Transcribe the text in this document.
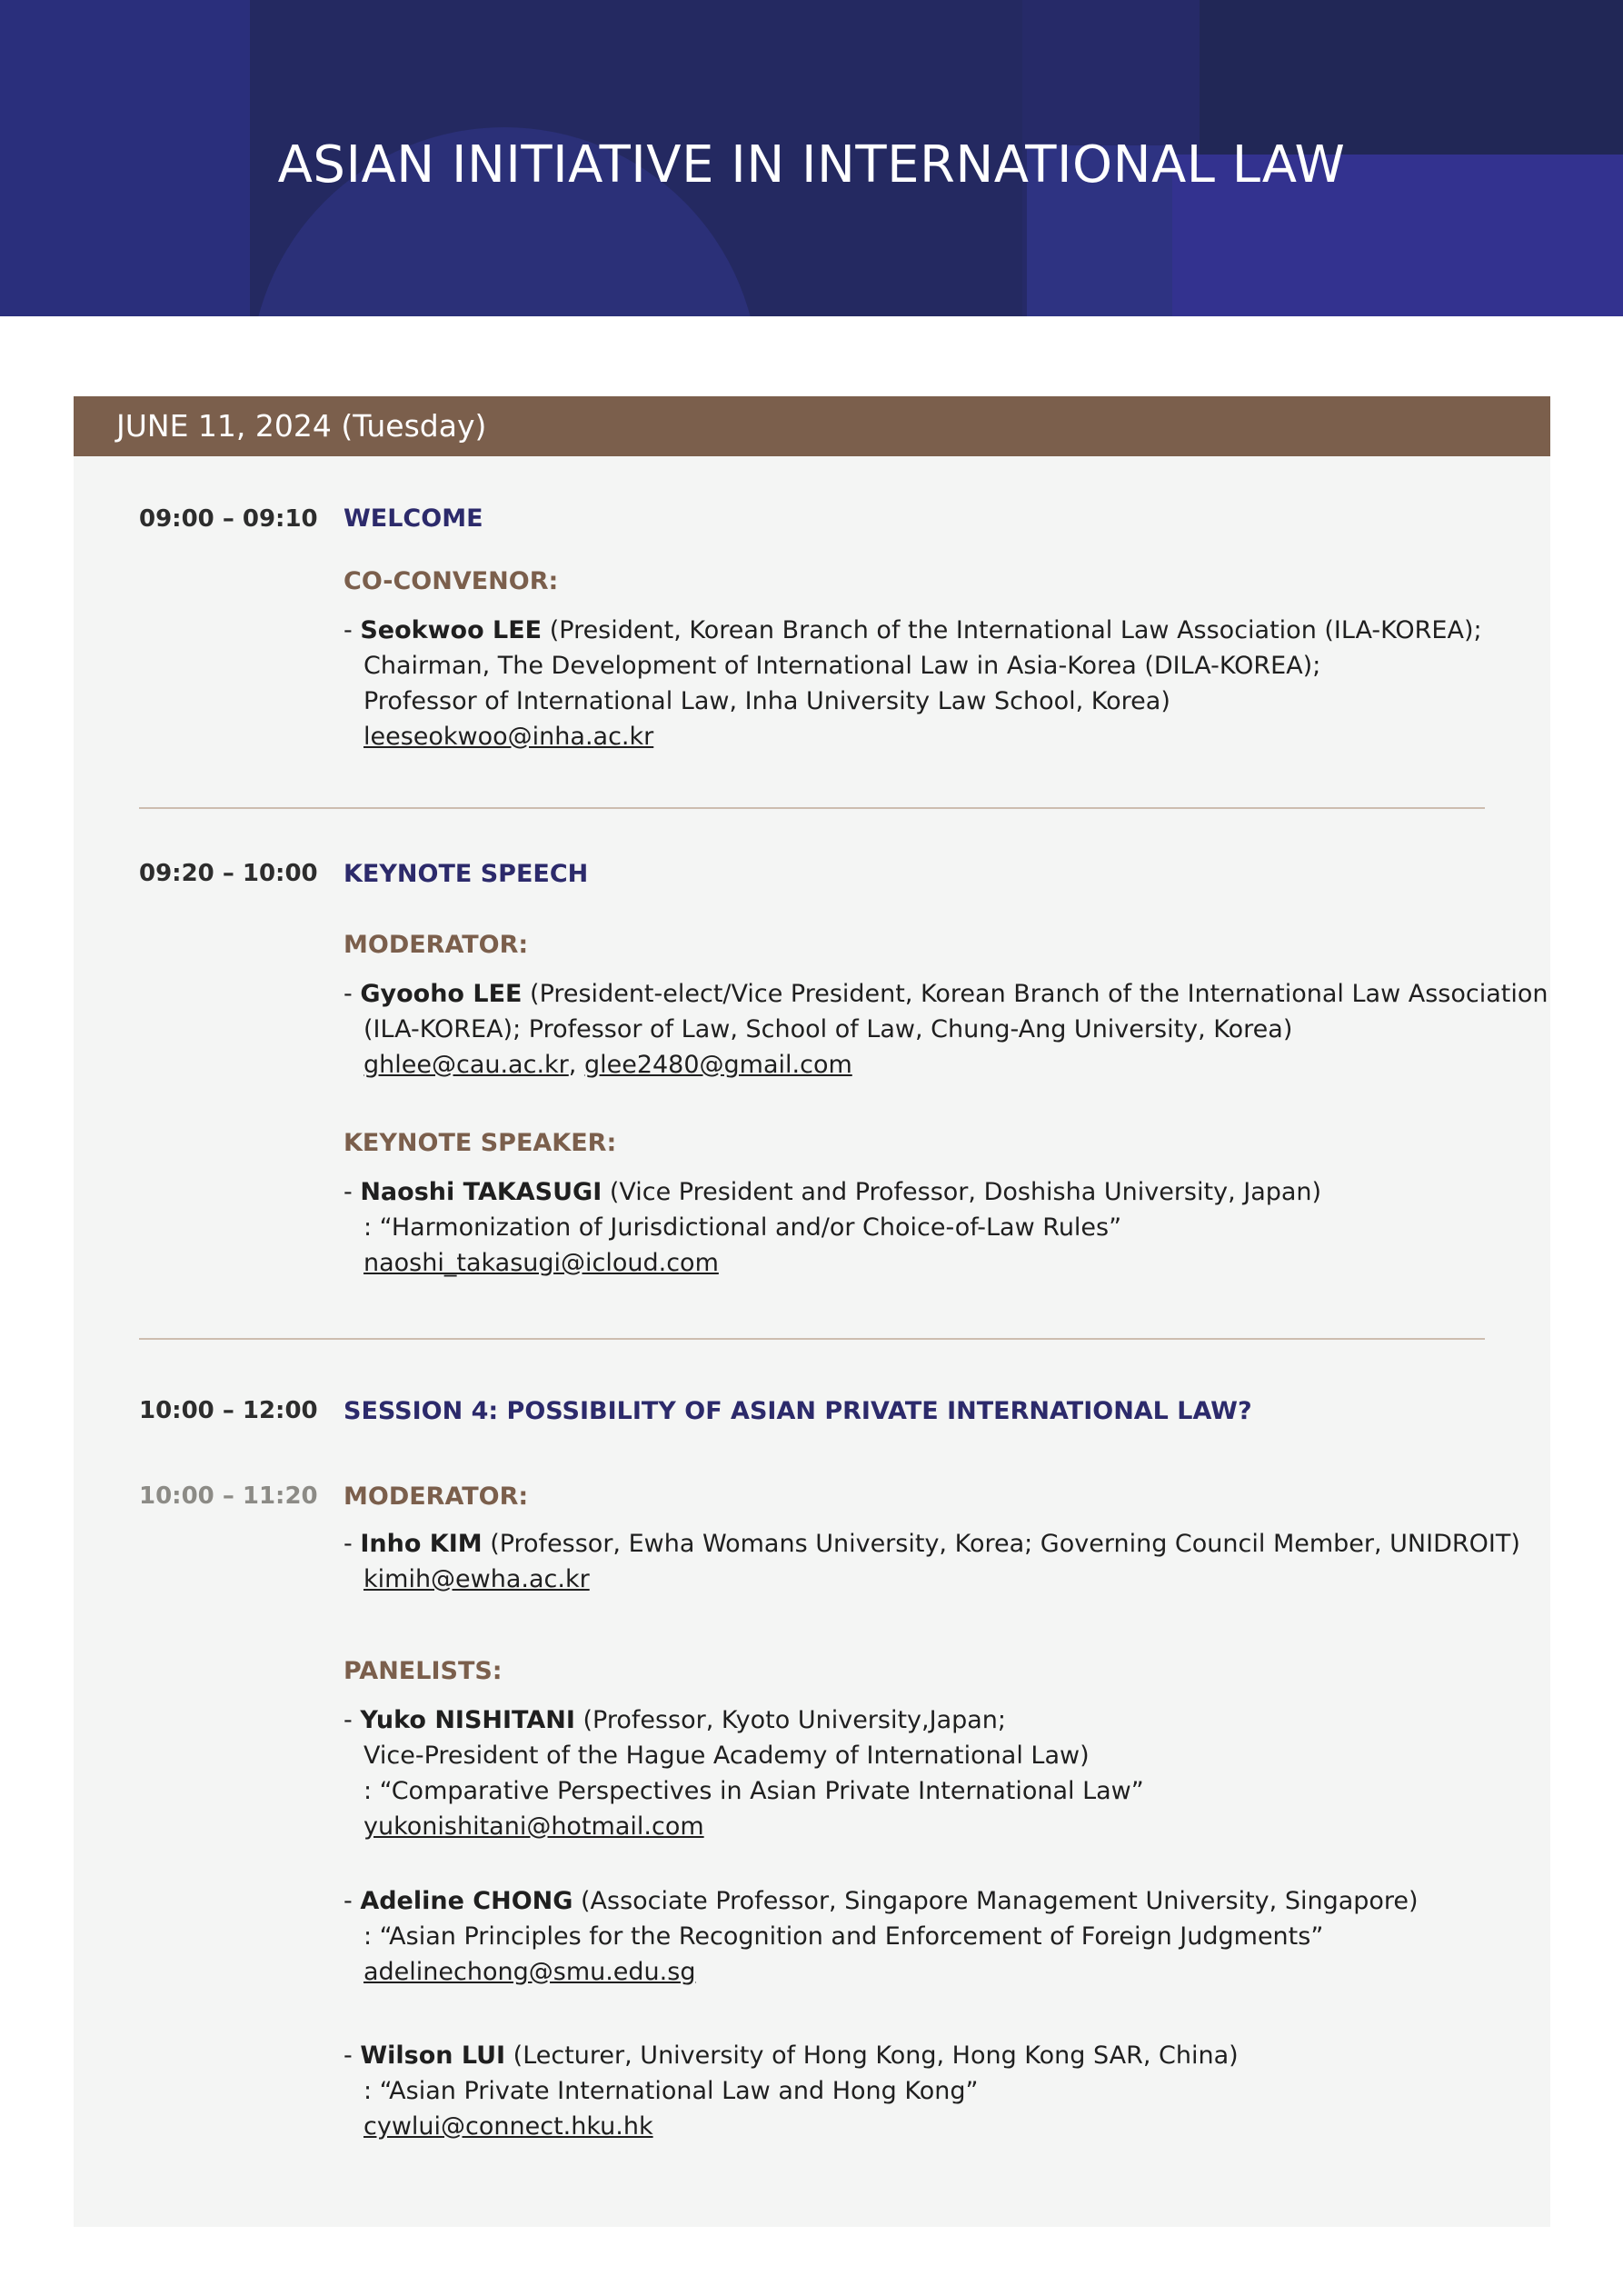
ASIAN INITIATIVE IN INTERNATIONAL LAW
JUNE 11, 2024 (Tuesday)
09:00 – 09:10 WELCOME
CO-CONVENOR:
- Seokwoo LEE (President, Korean Branch of the International Law Association (ILA-KOREA);
Chairman, The Development of International Law in Asia-Korea (DILA-KOREA);
Professor of International Law, Inha University Law School, Korea)
leeseokwoo@inha.ac.kr
09:20 – 10:00 KEYNOTE SPEECH
MODERATOR:
- Gyooho LEE (President-elect/Vice President, Korean Branch of the International Law Association
(ILA-KOREA); Professor of Law, School of Law, Chung-Ang University, Korea)
ghlee@cau.ac.kr, glee2480@gmail.com
KEYNOTE SPEAKER:
- Naoshi TAKASUGI (Vice President and Professor, Doshisha University, Japan)
: “Harmonization of Jurisdictional and/or Choice-of-Law Rules”
naoshi_takasugi@icloud.com
10:00 – 12:00 SESSION 4: POSSIBILITY OF ASIAN PRIVATE INTERNATIONAL LAW?
10:00 – 11:20 MODERATOR:
- Inho KIM (Professor, Ewha Womans University, Korea; Governing Council Member, UNIDROIT)
kimih@ewha.ac.kr
PANELISTS:
- Yuko NISHITANI (Professor, Kyoto University,Japan;
Vice-President of the Hague Academy of International Law)
: “Comparative Perspectives in Asian Private International Law”
yukonishitani@hotmail.com
- Adeline CHONG (Associate Professor, Singapore Management University, Singapore)
: “Asian Principles for the Recognition and Enforcement of Foreign Judgments”
adelinechong@smu.edu.sg
- Wilson LUI (Lecturer, University of Hong Kong, Hong Kong SAR, China)
: “Asian Private International Law and Hong Kong”
cywlui@connect.hku.hk
